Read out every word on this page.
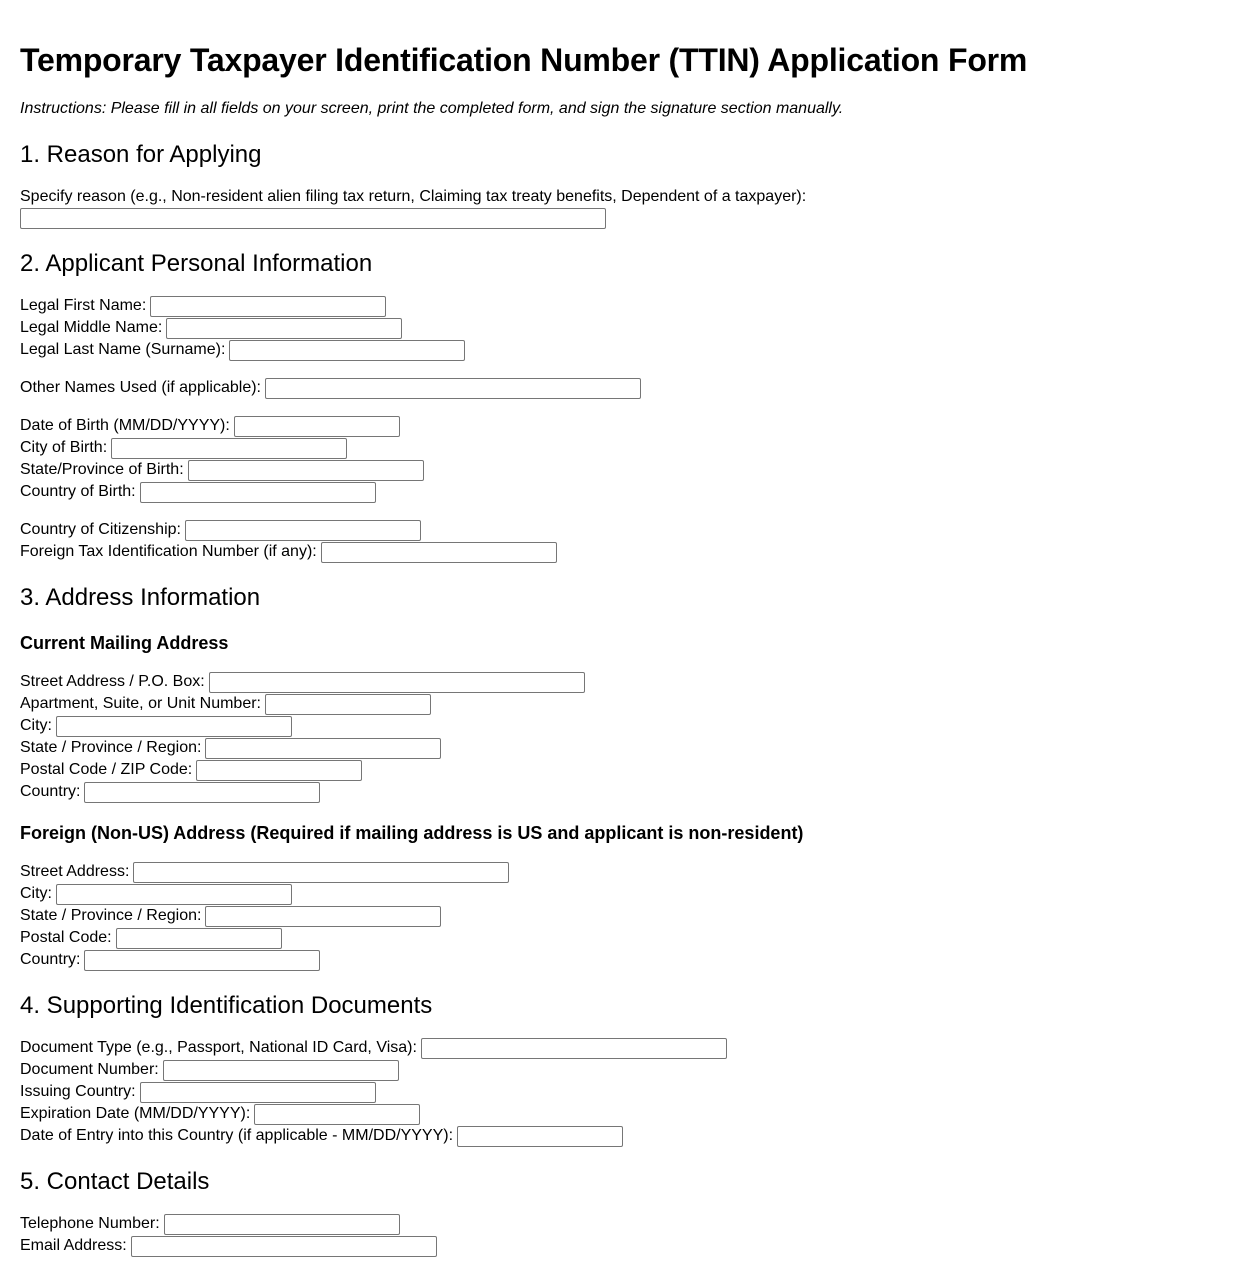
Temporary Taxpayer Identification Number (TTIN) Application Form

Instructions: Please fill in all fields on your screen, print the completed form, and sign the signature section manually.

1. Reason for Applying
Specify reason (e.g., Non-resident alien filing tax return, Claiming tax treaty benefits, Dependent of a taxpayer):
2. Applicant Personal Information
Legal First Name:
Legal Middle Name:
Legal Last Name (Surname):
Other Names Used (if applicable):
Date of Birth (MM/DD/YYYY):
City of Birth:
State/Province of Birth:
Country of Birth:
Country of Citizenship:
Foreign Tax Identification Number (if any):
3. Address Information
Current Mailing Address
Street Address / P.O. Box:
Apartment, Suite, or Unit Number:
City:
State / Province / Region:
Postal Code / ZIP Code:
Country:
Foreign (Non-US) Address (Required if mailing address is US and applicant is non-resident)
Street Address:
City:
State / Province / Region:
Postal Code:
Country:
4. Supporting Identification Documents
Document Type (e.g., Passport, National ID Card, Visa):
Document Number:
Issuing Country:
Expiration Date (MM/DD/YYYY):
Date of Entry into this Country (if applicable - MM/DD/YYYY):
5. Contact Details
Telephone Number:
Email Address:
